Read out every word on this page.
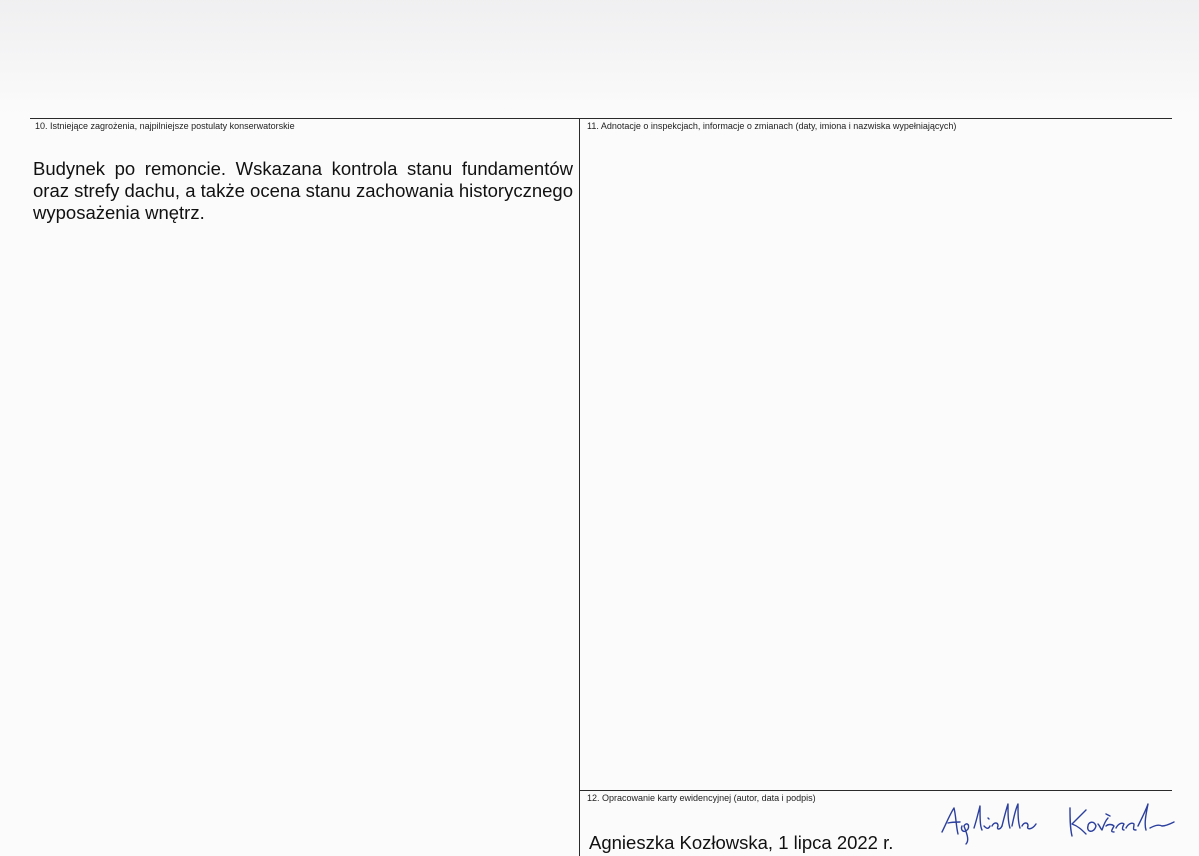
10. Istniejące zagrożenia, najpilniejsze postulaty konserwatorskie
Budynek po remoncie. Wskazana kontrola stanu fundamentów oraz strefy dachu, a także ocena stanu zachowania historycznego wyposażenia wnętrz.
11. Adnotacje o inspekcjach, informacje o zmianach (daty, imiona i nazwiska wypełniających)
12. Opracowanie karty ewidencyjnej (autor, data i podpis)
Agnieszka Kozłowska, 1 lipca 2022 r.
